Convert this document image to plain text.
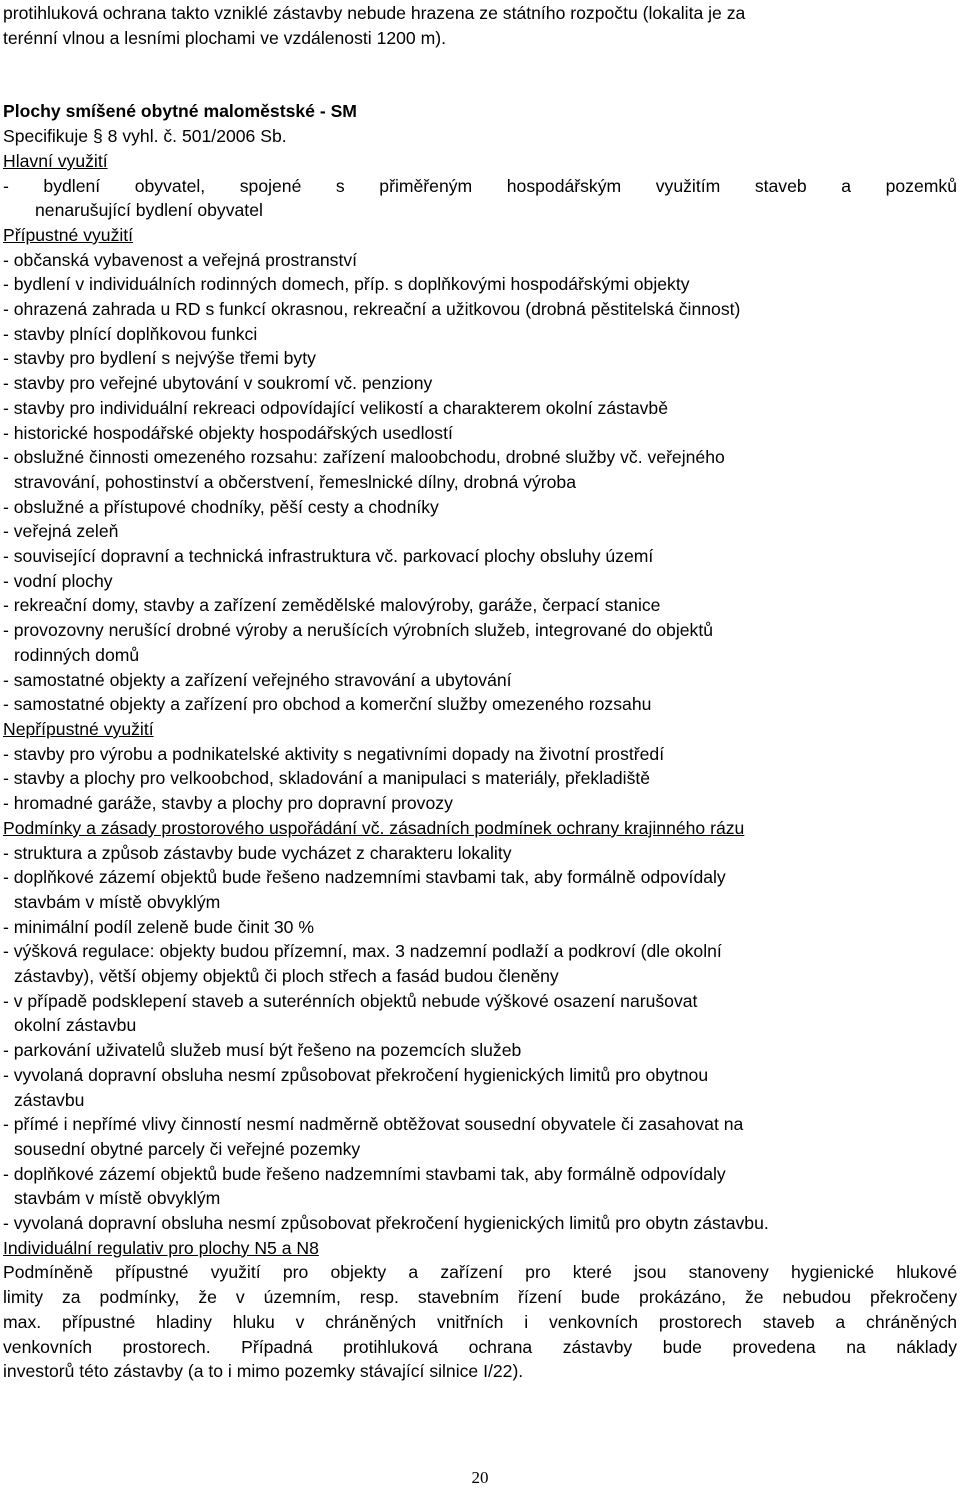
protihluková ochrana takto vzniklé zástavby nebude hrazena ze státního rozpočtu (lokalita je za
terénní vlnou a lesními plochami ve vzdálenosti 1200 m).
Plochy smíšené obytné maloměstské - SM
Specifikuje § 8 vyhl. č. 501/2006 Sb.
Hlavní využití
- bydlení obyvatel, spojené s přiměřeným hospodářským využitím staveb a pozemků
nenarušující bydlení obyvatel
Přípustné využití
- občanská vybavenost a veřejná prostranství
- bydlení v individuálních rodinných domech, příp. s doplňkovými hospodářskými objekty
- ohrazená zahrada u RD s funkcí okrasnou, rekreační a užitkovou (drobná pěstitelská činnost)
- stavby plnící doplňkovou funkci
- stavby pro bydlení s nejvýše třemi byty
- stavby pro veřejné ubytování v soukromí vč. penziony
- stavby pro individuální rekreaci odpovídající velikostí a charakterem okolní zástavbě
- historické hospodářské objekty hospodářských usedlostí
- obslužné činnosti omezeného rozsahu: zařízení maloobchodu, drobné služby vč. veřejného
stravování, pohostinství a občerstvení, řemeslnické dílny, drobná výroba
- obslužné a přístupové chodníky, pěší cesty a chodníky
- veřejná zeleň
- související dopravní a technická infrastruktura vč. parkovací plochy obsluhy území
- vodní plochy
- rekreační domy, stavby a zařízení zemědělské malovýroby, garáže, čerpací stanice
- provozovny nerušící drobné výroby a nerušících výrobních služeb, integrované do objektů
rodinných domů
- samostatné objekty a zařízení veřejného stravování a ubytování
- samostatné objekty a zařízení pro obchod a komerční služby omezeného rozsahu
Nepřípustné využití
- stavby pro výrobu a podnikatelské aktivity s negativními dopady na životní prostředí
- stavby a plochy pro velkoobchod, skladování a manipulaci s materiály, překladiště
- hromadné garáže, stavby a plochy pro dopravní provozy
Podmínky a zásady prostorového uspořádání vč. zásadních podmínek ochrany krajinného rázu
- struktura a způsob zástavby bude vycházet z charakteru lokality
- doplňkové zázemí objektů bude řešeno nadzemními stavbami tak, aby formálně odpovídaly
stavbám v místě obvyklým
- minimální podíl zeleně bude činit 30 %
- výšková regulace: objekty budou přízemní, max. 3 nadzemní podlaží a podkroví (dle okolní
zástavby), větší objemy objektů či ploch střech a fasád budou členěny
- v případě podsklepení staveb a suterénních objektů nebude výškové osazení narušovat
okolní zástavbu
- parkování uživatelů služeb musí být řešeno na pozemcích služeb
- vyvolaná dopravní obsluha nesmí způsobovat překročení hygienických limitů pro obytnou
zástavbu
- přímé i nepřímé vlivy činností nesmí nadměrně obtěžovat sousední obyvatele či zasahovat na
sousední obytné parcely či veřejné pozemky
- doplňkové zázemí objektů bude řešeno nadzemními stavbami tak, aby formálně odpovídaly
stavbám v místě obvyklým
- vyvolaná dopravní obsluha nesmí způsobovat překročení hygienických limitů pro obytn zástavbu.
Individuální regulativ pro plochy N5 a N8
Podmíněně přípustné využití pro objekty a zařízení pro které jsou stanoveny hygienické hlukové
limity za podmínky, že v územním, resp. stavebním řízení bude prokázáno, že nebudou překročeny
max. přípustné hladiny hluku v chráněných vnitřních i venkovních prostorech staveb a chráněných
venkovních prostorech. Případná protihluková ochrana zástavby bude provedena na náklady
investorů této zástavby (a to i mimo pozemky stávající silnice I/22).
20
